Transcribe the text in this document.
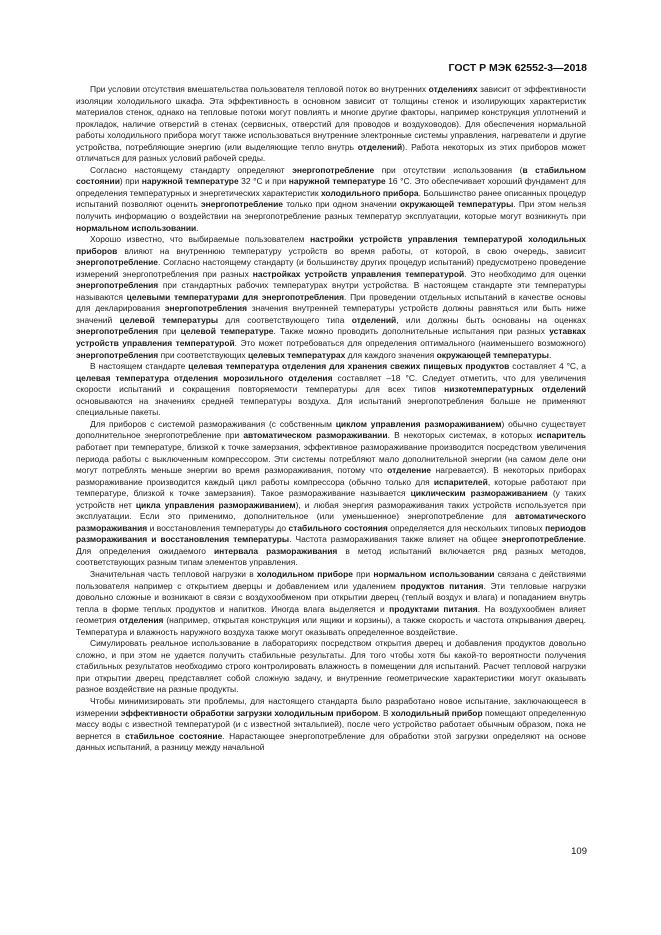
ГОСТ Р МЭК 62552-3—2018

При условии отсутствия вмешательства пользователя тепловой поток во внутренних отделениях зависит от эффективности изоляции холодильного шкафа. Эта эффективность в основном зависит от толщины стенок и изолирующих характеристик материалов стенок, однако на тепловые потоки могут повлиять и многие другие факторы, например конструкция уплотнений и прокладок, наличие отверстий в стенах (сервисных, отверстий для проводов и воздуховодов). Для обеспечения нормальной работы холодильного прибора могут также использоваться внутренние электронные системы управления, нагреватели и другие устройства, потребляющие энергию (или выделяющие тепло внутрь отделений). Работа некоторых из этих приборов может отличаться для разных условий рабочей среды.

Согласно настоящему стандарту определяют энергопотребление при отсутствии использования (в стабильном состоянии) при наружной температуре 32 °C и при наружной температуре 16 °C. Это обеспечивает хороший фундамент для определения температурных и энергетических характеристик холодильного прибора. Большинство ранее описанных процедур испытаний позволяют оценить энергопотребление только при одном значении окружающей температуры. При этом нельзя получить информацию о воздействии на энергопотребление разных температур эксплуатации, которые могут возникнуть при нормальном использовании.

Хорошо известно, что выбираемые пользователем настройки устройств управления температурой холодильных приборов влияют на внутреннюю температуру устройств во время работы, от которой, в свою очередь, зависит энергопотребление. Согласно настоящему стандарту (и большинству других процедур испытаний) предусмотрено проведение измерений энергопотребления при разных настройках устройств управления температурой. Это необходимо для оценки энергопотребления при стандартных рабочих температурах внутри устройства. В настоящем стандарте эти температуры называются целевыми температурами для энергопотребления. При проведении отдельных испытаний в качестве основы для декларирования энергопотребления значения внутренней температуры устройств должны равняться или быть ниже значений целевой температуры для соответствующего типа отделений, или должны быть основаны на оценках энергопотребления при целевой температуре. Также можно проводить дополнительные испытания при разных уставках устройств управления температурой. Это может потребоваться для определения оптимального (наименьшего возможного) энергопотребления при соответствующих целевых температурах для каждого значения окружающей температуры.

В настоящем стандарте целевая температура отделения для хранения свежих пищевых продуктов составляет 4 °C, а целевая температура отделения морозильного отделения составляет –18 °C. Следует отметить, что для увеличения скорости испытаний и сокращения повторяемости температуры для всех типов низкотемпературных отделений основываются на значениях средней температуры воздуха. Для испытаний энергопотребления больше не применяют специальные пакеты.

Для приборов с системой размораживания (с собственным циклом управления размораживанием) обычно существует дополнительное энергопотребление при автоматическом размораживании. В некоторых системах, в которых испаритель работает при температуре, близкой к точке замерзания, эффективное размораживание производится посредством увеличения периода работы с выключенным компрессором. Эти системы потребляют мало дополнительной энергии (на самом деле они могут потреблять меньше энергии во время размораживания, потому что отделение нагревается). В некоторых приборах размораживание производится каждый цикл работы компрессора (обычно только для испарителей, которые работают при температуре, близкой к точке замерзания). Такое размораживание называется циклическим размораживанием (у таких устройств нет цикла управления размораживанием), и любая энергия размораживания таких устройств используется при эксплуатации. Если это применимо, дополнительное (или уменьшенное) энергопотребление для автоматического размораживания и восстановления температуры до стабильного состояния определяется для нескольких типовых периодов размораживания и восстановления температуры. Частота размораживания также влияет на общее энергопотребление. Для определения ожидаемого интервала размораживания в метод испытаний включается ряд разных методов, соответствующих разным типам элементов управления.

Значительная часть тепловой нагрузки в холодильном приборе при нормальном использовании связана с действиями пользователя например с открытием дверцы и добавлением или удалением продуктов питания. Эти тепловые нагрузки довольно сложные и возникают в связи с воздухообменом при открытии дверец (теплый воздух и влага) и попаданием внутрь тепла в форме теплых продуктов и напитков. Иногда влага выделяется и продуктами питания. На воздухообмен влияет геометрия отделения (например, открытая конструкция или ящики и корзины), а также скорость и частота открывания дверец. Температура и влажность наружного воздуха также могут оказывать определенное воздействие.

Симулировать реальное использование в лабораториях посредством открытия дверец и добавления продуктов довольно сложно, и при этом не удается получить стабильные результаты. Для того чтобы хотя бы какой-то вероятности получения стабильных результатов необходимо строго контролировать влажность в помещении для испытаний. Расчет тепловой нагрузки при открытии дверец представляет собой сложную задачу, и внутренние геометрические характеристики могут оказывать разное воздействие на разные продукты.

Чтобы минимизировать эти проблемы, для настоящего стандарта было разработано новое испытание, заключающееся в измерении эффективности обработки загрузки холодильным прибором. В холодильный прибор помещают определенную массу воды с известной температурой (и с известной энтальпией), после чего устройство работает обычным образом, пока не вернется в стабильное состояние. Нарастающее энергопотребление для обработки этой загрузки определяют на основе данных испытаний, а разницу между начальной

109
